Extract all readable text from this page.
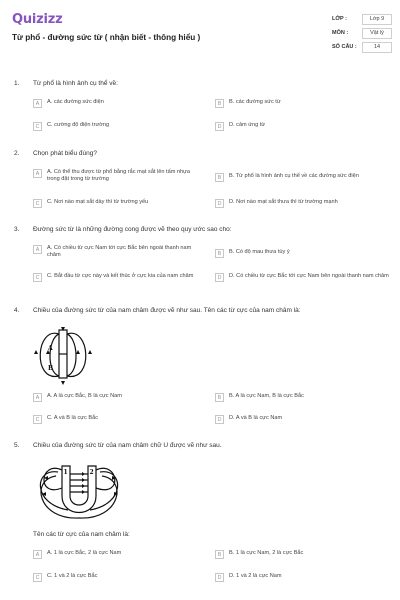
Quizizz
Từ phổ - đường sức từ ( nhận biết - thông hiểu )
LỚP :	Lớp 9
MÔN :	Vật lý
SỐ CÂU :	14
1. Từ phổ là hình ảnh cụ thể về:
A	A. các đường sức điện	B	B. các đường sức từ
C	C. cường độ điện trường	D	D. cảm ứng từ
2. Chọn phát biểu đúng?
A	A. Có thể thu được từ phổ bằng rắc mạt sắt lên tấm nhựa trong đặt trong từ trường	B	B. Từ phổ là hình ảnh cụ thể về các đường sức điện
C	C. Nơi nào mạt sắt dày thì từ trường yếu	D	D. Nơi nào mạt sắt thưa thì từ trường mạnh
3. Đường sức từ là những đường cong được vẽ theo quy ước sao cho:
A	A. Có chiều từ cực Nam tới cực Bắc bên ngoài thanh nam châm	B	B. Có độ mau thưa tùy ý
C	C. Bắt đầu từ cực này và kết thúc ở cực kia của nam châm	D	D. Có chiều từ cực Bắc tới cực Nam bên ngoài thanh nam châm
4. Chiều của đường sức từ của nam châm được vẽ như sau. Tên các từ cực của nam châm là:
A
B
A	A. A là cực Bắc, B là cực Nam	B	B. A là cực Nam, B là cực Bắc
C	C. A và B là cực Bắc	D	D. A và B là cực Nam
5. Chiều của đường sức từ của nam châm chữ U được vẽ như sau.
1	2
Tên các từ cực của nam châm là:
A	A. 1 là cực Bắc, 2 là cực Nam	B	B. 1 là cực Nam, 2 là cực Bắc
C	C. 1 và 2 là cực Bắc	D	D. 1 và 2 là cực Nam
